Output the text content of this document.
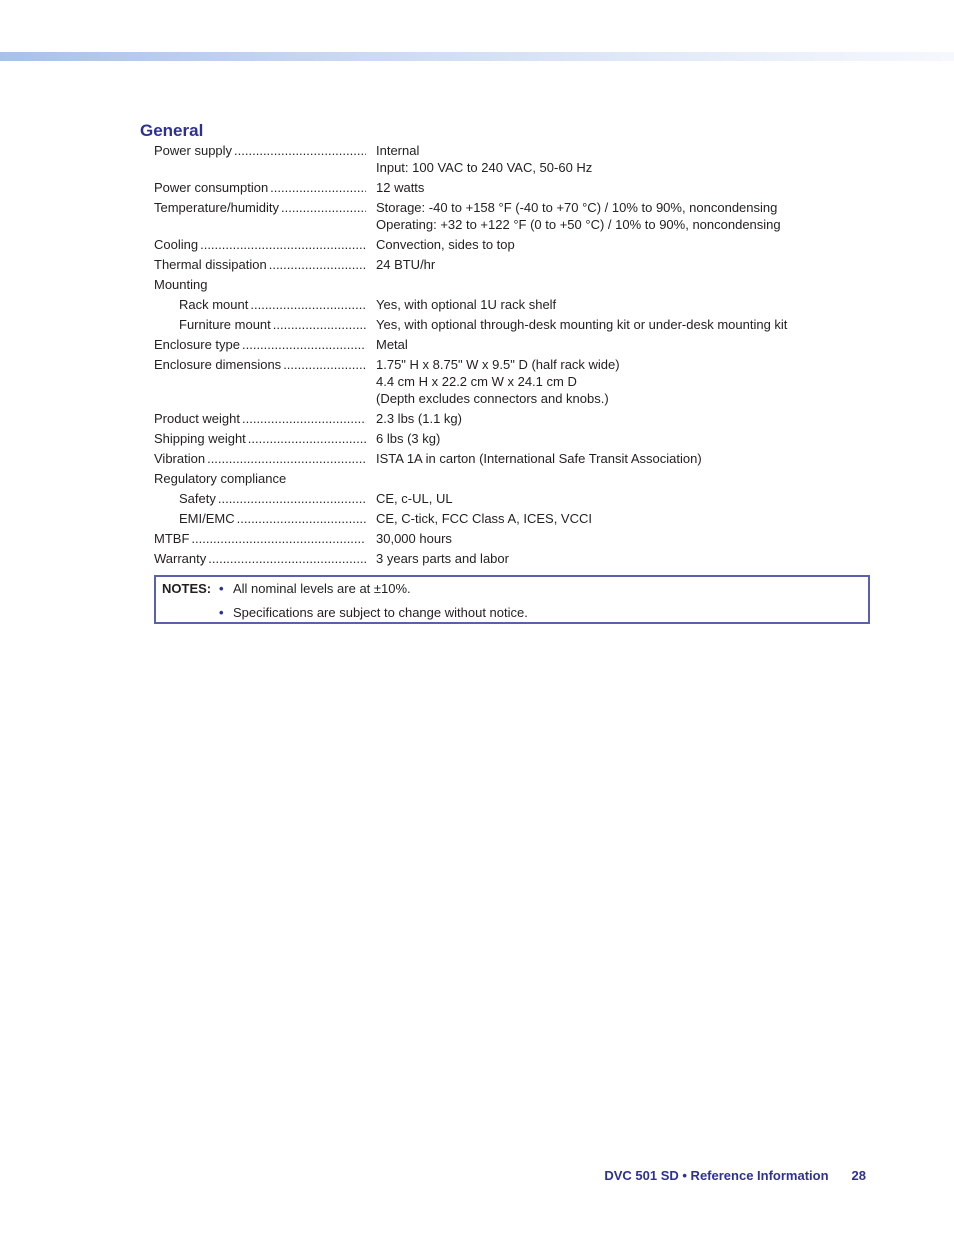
General
Power supply .....	Internal
Input: 100 VAC to 240 VAC, 50-60 Hz
Power consumption .....	12 watts
Temperature/humidity .....	Storage: -40 to +158 °F (-40 to +70 °C) / 10% to 90%, noncondensing
Operating: +32 to +122 °F (0 to +50 °C) / 10% to 90%, noncondensing
Cooling .....	Convection, sides to top
Thermal dissipation .....	24 BTU/hr
Mounting
Rack mount .....	Yes, with optional 1U rack shelf
Furniture mount .....	Yes, with optional through-desk mounting kit or under-desk mounting kit
Enclosure type .....	Metal
Enclosure dimensions .....	1.75" H x 8.75" W x 9.5" D (half rack wide)
4.4 cm H x 22.2 cm W x 24.1 cm D
(Depth excludes connectors and knobs.)
Product weight .....	2.3 lbs (1.1 kg)
Shipping weight .....	6 lbs (3 kg)
Vibration .....	ISTA 1A in carton (International Safe Transit Association)
Regulatory compliance
Safety .....	CE, c-UL, UL
EMI/EMC .....	CE, C-tick, FCC Class A, ICES, VCCI
MTBF .....	30,000 hours
Warranty .....	3 years parts and labor
NOTES: • All nominal levels are at ±10%.
• Specifications are subject to change without notice.
DVC 501 SD • Reference Information 28
